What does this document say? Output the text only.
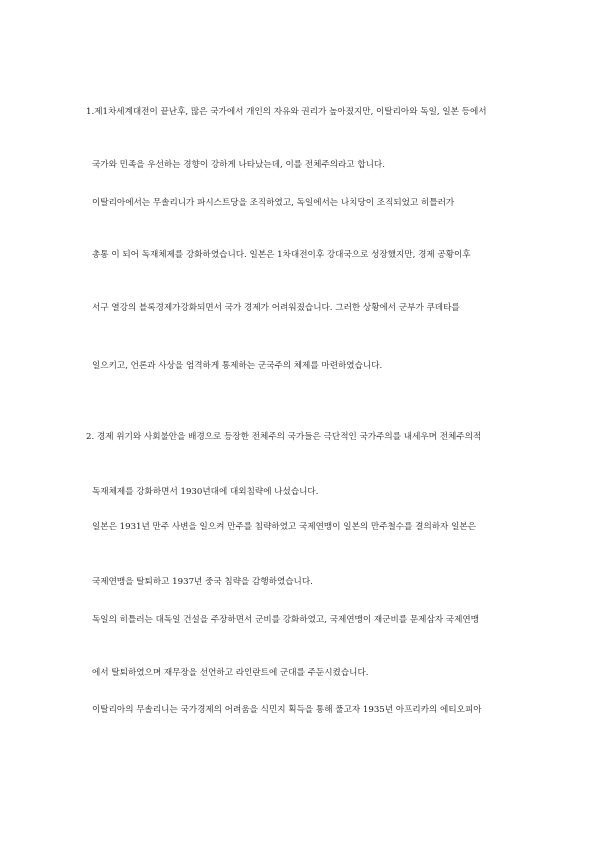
1.제1차세계대전이 끝난후, 많은 국가에서 개인의 자유와 권리가 높아졌지만, 이탈리아와 독일, 일본 등에서
국가와 민족을 우선하는 경향이 강하게 나타났는데, 이를 전체주의라고 합니다.
이탈리아에서는 무솔리니가 파시스트당을 조직하였고, 독일에서는 나치당이 조직되었고 히틀러가
총통 이 되어 독재체제를 강화하였습니다. 일본은 1차대전이후 강대국으로 성장했지만, 경제 공황이후
서구 열강의 블록경제가강화되면서 국가 경제가 어려워졌습니다. 그러한 상황에서 군부가 쿠데타를
일으키고, 언론과 사상을 엄격하게 통제하는 군국주의 체제를 마련하였습니다.
2. 경제 위기와 사회불안을 배경으로 등장한 전체주의 국가들은 극단적인 국가주의를 내세우며 전체주의적
독재체제를 강화하면서 1930년대에 대외침략에 나섰습니다.
일본은 1931년 만주 사변을 일으켜 만주를 침략하였고 국제연맹이 일본의 만주철수를 결의하자 일본은
국제연맹을 탈퇴하고 1937년 중국 침략을 감행하였습니다.
독일의 히틀러는 대독일 건설을 주장하면서 군비를 강화하였고, 국제연맹이 재군비를 문제삼자 국제연맹
에서 탈퇴하였으며 재무장을 선언하고 라인란트에 군대를 주둔시켰습니다.
이탈리아의 무솔리니는 국가경제의 어려움을 식민지 획득을 통해 풀고자 1935년 아프리카의 에티오피아
